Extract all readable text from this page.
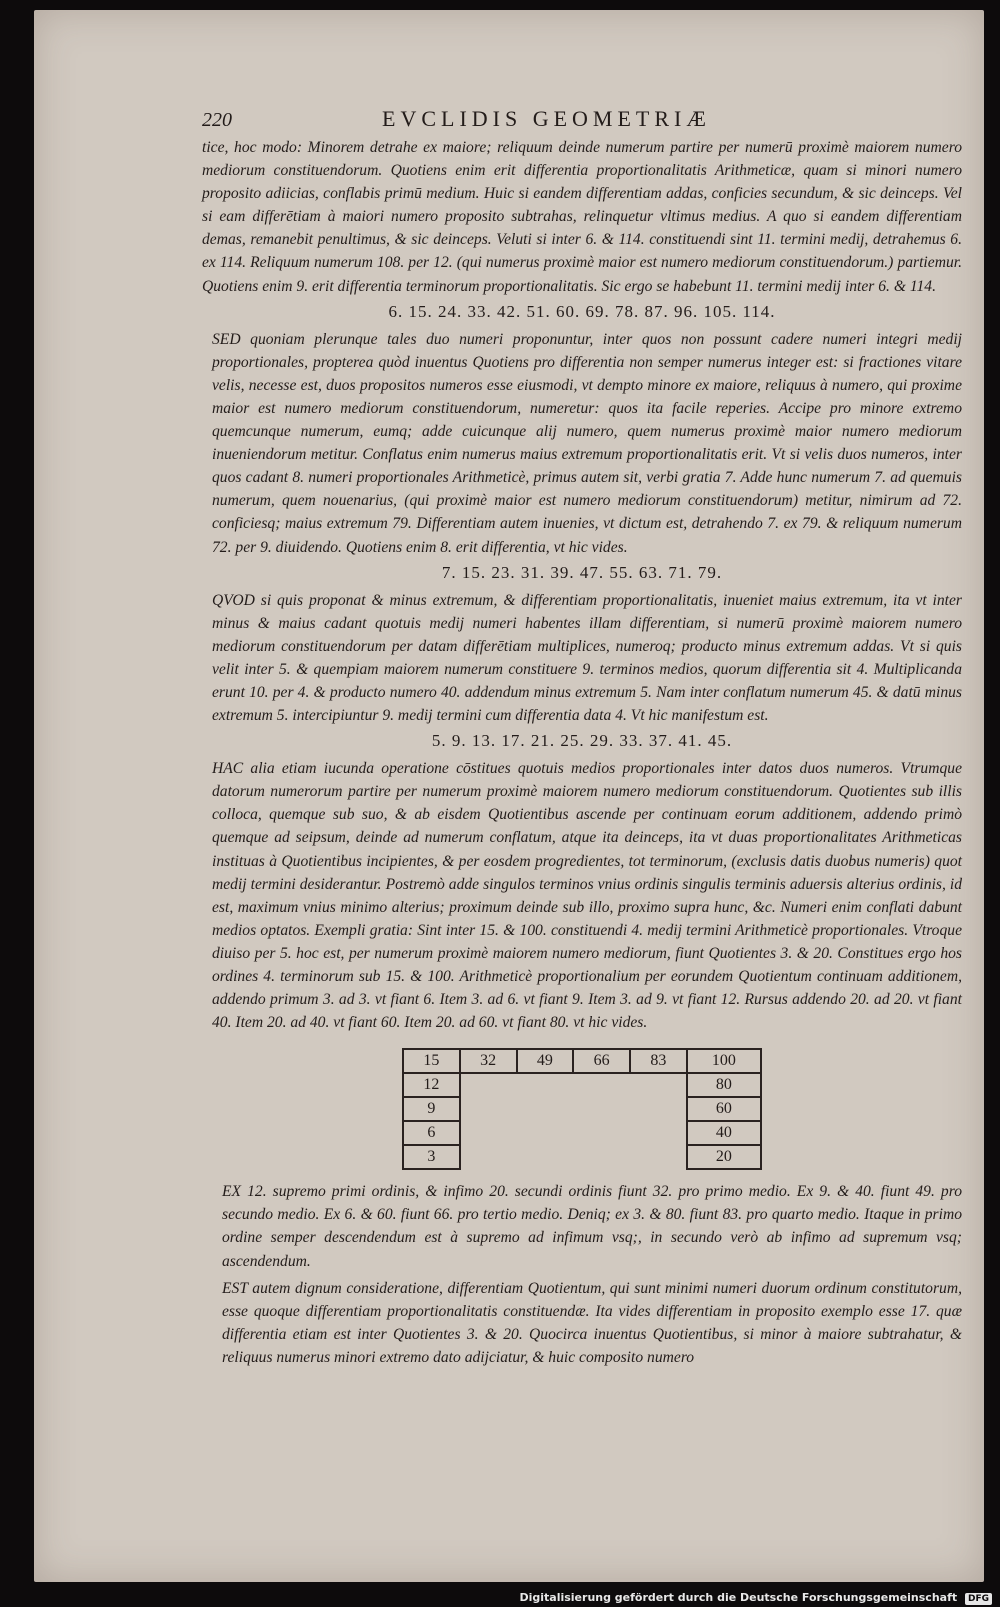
220	EVCLIDIS GEOMETRIÆ

tice, hoc modo: Minorem detrahe ex maiore; reliquum deinde numerum partire per numerū proximè maiorem numero mediorum constituendorum. Quotiens enim erit differentia proportionalitatis Arithmeticæ, quam si minori numero proposito adiicias, conflabis primū medium. Huic si eandem differentiam addas, conficies secundum, & sic deinceps. Vel si eam differētiam à maiori numero proposito subtrahas, relinquetur vltimus medius. A quo si eandem differentiam demas, remanebit penultimus, & sic deinceps. Veluti si inter 6. & 114. constituendi sint 11. termini medij, detrahemus 6. ex 114. Reliquum numerum 108. per 12. (qui numerus proximè maior est numero mediorum constituendorum.) partiemur. Quotiens enim 9. erit differentia terminorum proportionalitatis. Sic ergo se habebunt 11. termini medij inter 6. & 114.

6. 15. 24. 33. 42. 51. 60. 69. 78. 87. 96. 105. 114.

SED quoniam plerunque tales duo numeri proponuntur, inter quos non possunt cadere numeri integri medij proportionales, propterea quòd inuentus Quotiens pro differentia non semper numerus integer est: si fractiones vitare velis, necesse est, duos propositos numeros esse eiusmodi, vt dempto minore ex maiore, reliquus à numero, qui proxime maior est numero mediorum constituendorum, numeretur: quos ita facile reperies. Accipe pro minore extremo quemcunque numerum, eumq; adde cuicunque alij numero, quem numerus proximè maior numero mediorum inueniendorum metitur. Conflatus enim numerus maius extremum proportionalitatis erit. Vt si velis duos numeros, inter quos cadant 8. numeri proportionales Arithmeticè, primus autem sit, verbi gratia 7. Adde hunc numerum 7. ad quemuis numerum, quem nouenarius, (qui proximè maior est numero mediorum constituendorum) metitur, nimirum ad 72. conficiesq; maius extremum 79. Differentiam autem inuenies, vt dictum est, detrahendo 7. ex 79. & reliquum numerum 72. per 9. diuidendo. Quotiens enim 8. erit differentia, vt hic vides.

7. 15. 23. 31. 39. 47. 55. 63. 71. 79.

QVOD si quis proponat & minus extremum, & differentiam proportionalitatis, inueniet maius extremum, ita vt inter minus & maius cadant quotuis medij numeri habentes illam differentiam, si numerū proximè maiorem numero mediorum constituendorum per datam differētiam multiplices, numeroq; producto minus extremum addas. Vt si quis velit inter 5. & quempiam maiorem numerum constituere 9. terminos medios, quorum differentia sit 4. Multiplicanda erunt 10. per 4. & producto numero 40. addendum minus extremum 5. Nam inter conflatum numerum 45. & datū minus extremum 5. intercipiuntur 9. medij termini cum differentia data 4. Vt hic manifestum est.

5. 9. 13. 17. 21. 25. 29. 33. 37. 41. 45.

HAC alia etiam iucunda operatione cōstitues quotuis medios proportionales inter datos duos numeros. Vtrumque datorum numerorum partire per numerum proximè maiorem numero mediorum constituendorum. Quotientes sub illis colloca, quemque sub suo, & ab eisdem Quotientibus ascende per continuam eorum additionem, addendo primò quemque ad seipsum, deinde ad numerum conflatum, atque ita deinceps, ita vt duas proportionalitates Arithmeticas instituas à Quotientibus incipientes, & per eosdem progredientes, tot terminorum, (exclusis datis duobus numeris) quot medij termini desiderantur. Postremò adde singulos terminos vnius ordinis singulis terminis aduersis alterius ordinis, id est, maximum vnius minimo alterius; proximum deinde sub illo, proximo supra hunc, &c. Numeri enim conflati dabunt medios optatos. Exempli gratia: Sint inter 15. & 100. constituendi 4. medij termini Arithmeticè proportionales. Vtroque diuiso per 5. hoc est, per numerum proximè maiorem numero mediorum, fiunt Quotientes 3. & 20. Constitues ergo hos ordines 4. terminorum sub 15. & 100. Arithmeticè proportionalium per eorundem Quotientum continuam additionem, addendo primum 3. ad 3. vt fiant 6. Item 3. ad 6. vt fiant 9. Item 3. ad 9. vt fiant 12. Rursus addendo 20. ad 20. vt fiant 40. Item 20. ad 40. vt fiant 60. Item 20. ad 60. vt fiant 80. vt hic vides.

15	32	49	66	83	100
12					80
9					60
6					40
3					20

EX 12. supremo primi ordinis, & infimo 20. secundi ordinis fiunt 32. pro primo medio. Ex 9. & 40. fiunt 49. pro secundo medio. Ex 6. & 60. fiunt 66. pro tertio medio. Deniq; ex 3. & 80. fiunt 83. pro quarto medio. Itaque in primo ordine semper descendendum est à supremo ad infimum vsq;, in secundo verò ab infimo ad supremum vsq; ascendendum.

EST autem dignum consideratione, differentiam Quotientum, qui sunt minimi numeri duorum ordinum constitutorum, esse quoque differentiam proportionalitatis constituendæ. Ita vides differentiam in proposito exemplo esse 17. quæ differentia etiam est inter Quotientes 3. & 20. Quocirca inuentus Quotientibus, si minor à maiore subtrahatur, & reliquus numerus minori extremo dato adijciatur, & huic composito numero

Digitalisierung gefördert durch die Deutsche Forschungsgemeinschaft DFG
